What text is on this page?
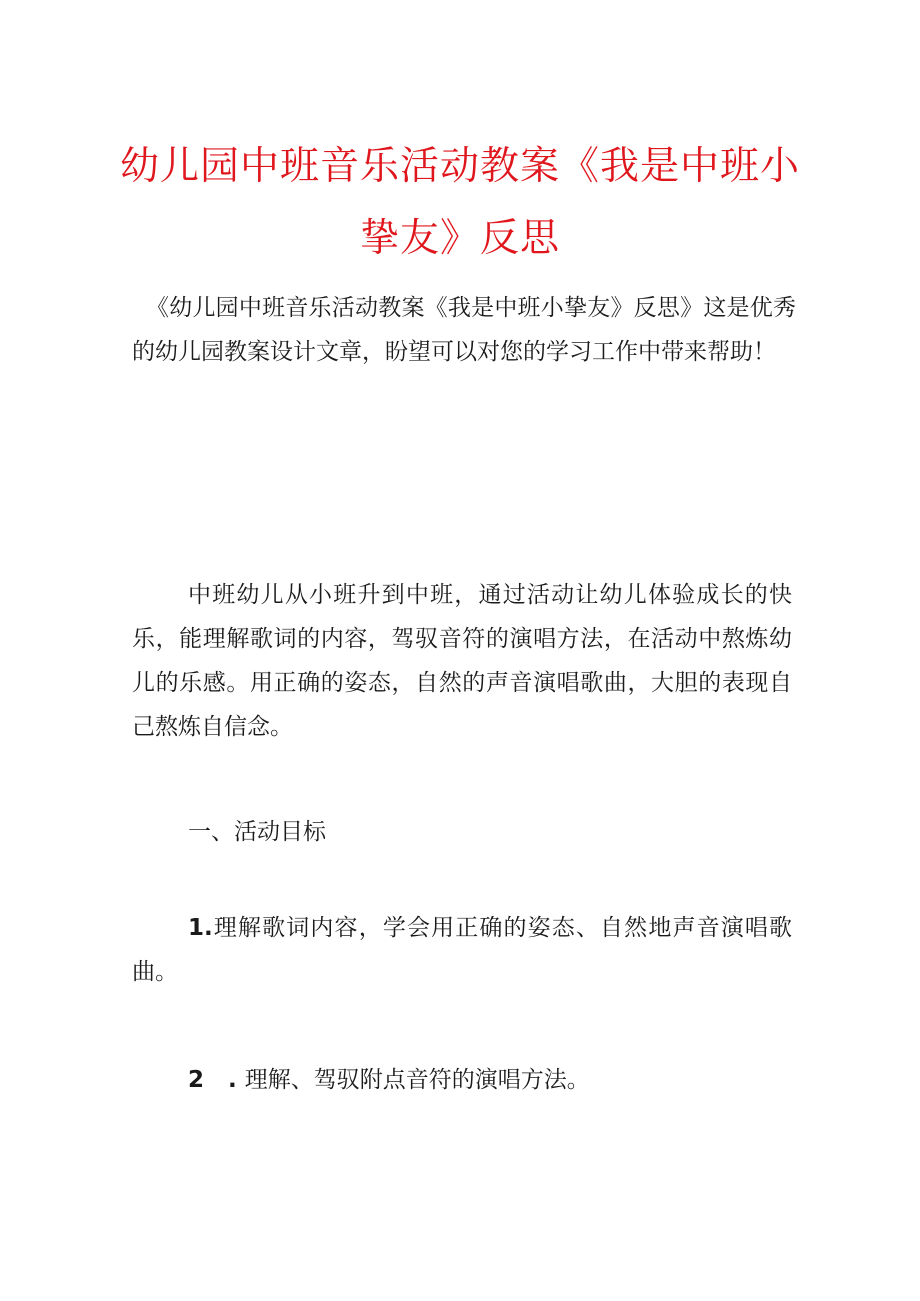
幼儿园中班音乐活动教案《我是中班小挚友》反思

《幼儿园中班音乐活动教案《我是中班小挚友》反思》这是优秀的幼儿园教案设计文章，盼望可以对您的学习工作中带来帮助！

中班幼儿从小班升到中班，通过活动让幼儿体验成长的快乐，能理解歌词的内容，驾驭音符的演唱方法，在活动中熬炼幼儿的乐感。用正确的姿态，自然的声音演唱歌曲，大胆的表现自己熬炼自信念。

一、活动目标

1.理解歌词内容，学会用正确的姿态、自然地声音演唱歌曲。

2 .理解、驾驭附点音符的演唱方法。
